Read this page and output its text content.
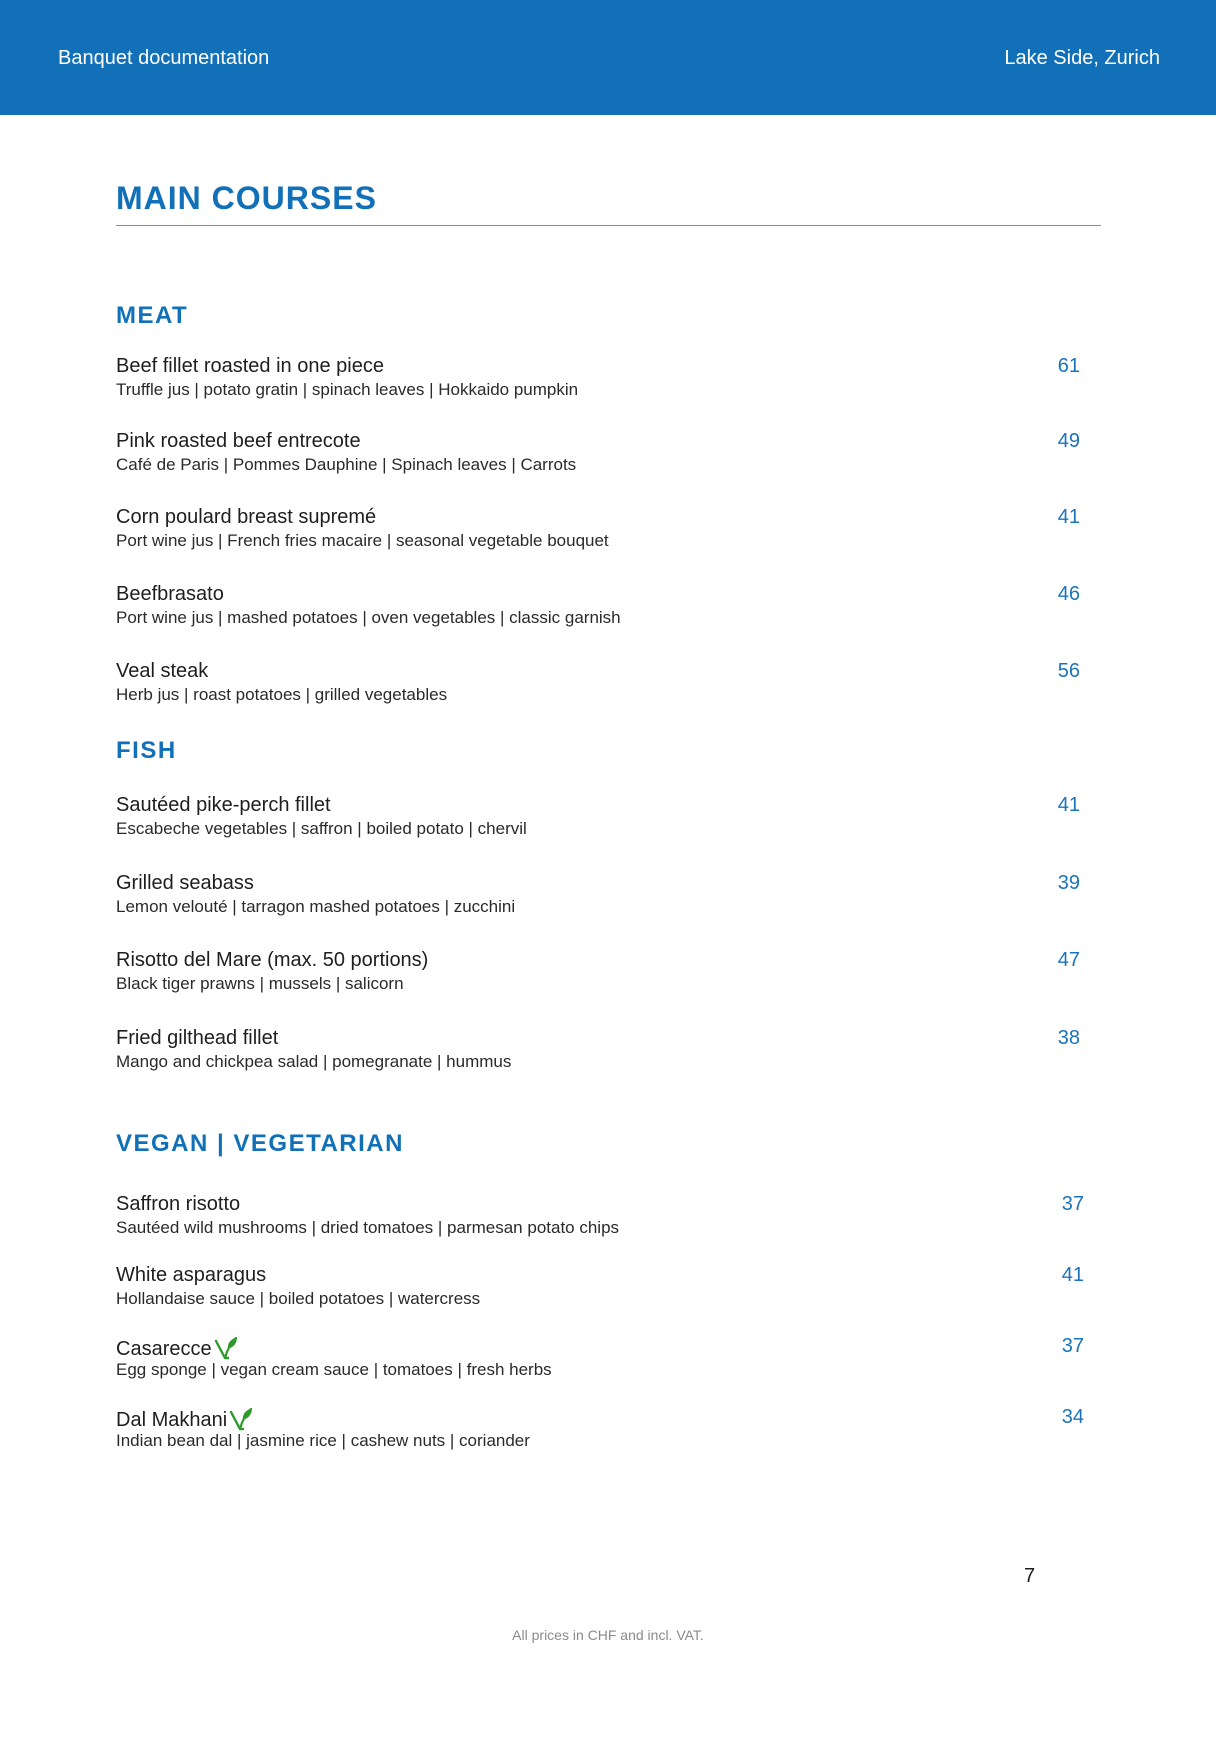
Banquet documentation	Lake Side, Zurich
MAIN COURSES
MEAT
Beef fillet roasted in one piece
Truffle jus | potato gratin | spinach leaves | Hokkaido pumpkin
61
Pink roasted beef entrecote
Café de Paris | Pommes Dauphine | Spinach leaves | Carrots
49
Corn poulard breast supremé
Port wine jus | French fries macaire | seasonal vegetable bouquet
41
Beefbrasato
Port wine jus | mashed potatoes | oven vegetables | classic garnish
46
Veal steak
Herb jus | roast potatoes | grilled vegetables
56
FISH
Sautéed pike-perch fillet
Escabeche vegetables | saffron | boiled potato | chervil
41
Grilled seabass
Lemon velouté | tarragon mashed potatoes | zucchini
39
Risotto del Mare (max. 50 portions)
Black tiger prawns | mussels | salicorn
47
Fried gilthead fillet
Mango and chickpea salad | pomegranate | hummus
38
VEGAN | VEGETARIAN
Saffron risotto
Sautéed wild mushrooms | dried tomatoes | parmesan potato chips
37
White asparagus
Hollandaise sauce | boiled potatoes | watercress
41
Casarecce
Egg sponge | vegan cream sauce | tomatoes | fresh herbs
37
Dal Makhani
Indian bean dal | jasmine rice | cashew nuts | coriander
34
7
All prices in CHF and incl. VAT.
